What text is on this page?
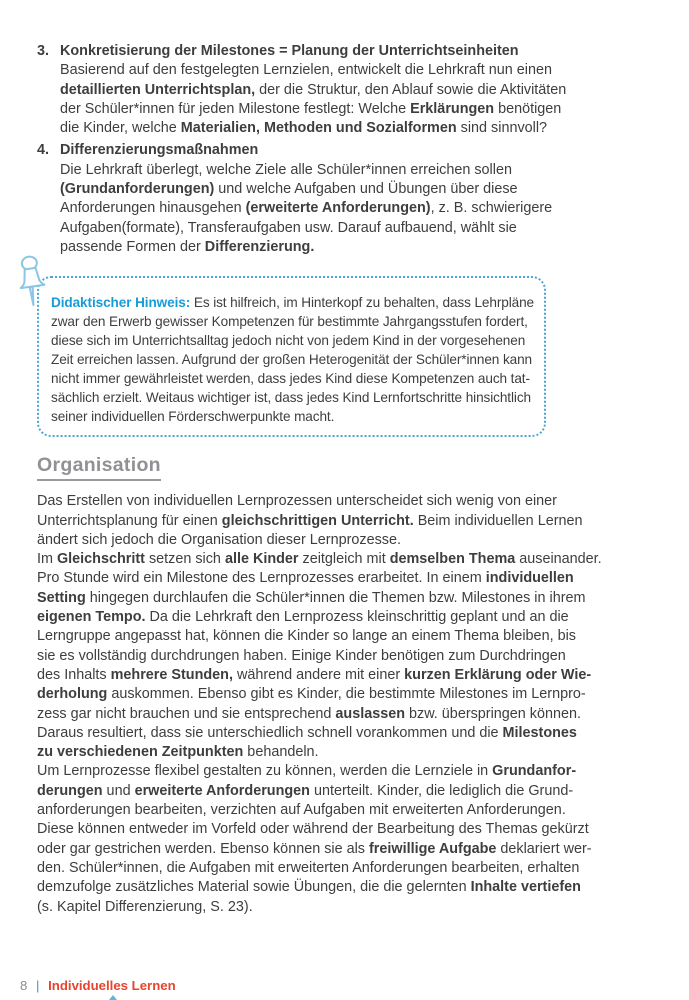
3. Konkretisierung der Milestones = Planung der Unterrichtseinheiten
Basierend auf den festgelegten Lernzielen, entwickelt die Lehrkraft nun einen
detaillierten Unterrichtsplan, der die Struktur, den Ablauf sowie die Aktivitäten
der Schüler*innen für jeden Milestone festlegt: Welche Erklärungen benötigen
die Kinder, welche Materialien, Methoden und Sozialformen sind sinnvoll?
4. Differenzierungsmaßnahmen
Die Lehrkraft überlegt, welche Ziele alle Schüler*innen erreichen sollen
(Grundanforderungen) und welche Aufgaben und Übungen über diese
Anforderungen hinausgehen (erweiterte Anforderungen), z. B. schwierigere
Aufgaben(formate), Transferaufgaben usw. Darauf aufbauend, wählt sie
passende Formen der Differenzierung.
Didaktischer Hinweis: Es ist hilfreich, im Hinterkopf zu behalten, dass Lehrpläne
zwar den Erwerb gewisser Kompetenzen für bestimmte Jahrgangsstufen fordert,
diese sich im Unterrichtsalltag jedoch nicht von jedem Kind in der vorgesehenen
Zeit erreichen lassen. Aufgrund der großen Heterogenität der Schüler*innen kann
nicht immer gewährleistet werden, dass jedes Kind diese Kompetenzen auch tat-
sächlich erzielt. Weitaus wichtiger ist, dass jedes Kind Lernfortschritte hinsichtlich
seiner individuellen Förderschwerpunkte macht.
Organisation
Das Erstellen von individuellen Lernprozessen unterscheidet sich wenig von einer
Unterrichtsplanung für einen gleichschrittigen Unterricht. Beim individuellen Lernen
ändert sich jedoch die Organisation dieser Lernprozesse.
Im Gleichschritt setzen sich alle Kinder zeitgleich mit demselben Thema auseinander.
Pro Stunde wird ein Milestone des Lernprozesses erarbeitet. In einem individuellen
Setting hingegen durchlaufen die Schüler*innen die Themen bzw. Milestones in ihrem
eigenen Tempo. Da die Lehrkraft den Lernprozess kleinschrittig geplant und an die
Lerngruppe angepasst hat, können die Kinder so lange an einem Thema bleiben, bis
sie es vollständig durchdrungen haben. Einige Kinder benötigen zum Durchdringen
des Inhalts mehrere Stunden, während andere mit einer kurzen Erklärung oder Wie-
derholung auskommen. Ebenso gibt es Kinder, die bestimmte Milestones im Lernpro-
zess gar nicht brauchen und sie entsprechend auslassen bzw. überspringen können.
Daraus resultiert, dass sie unterschiedlich schnell vorankommen und die Milestones
zu verschiedenen Zeitpunkten behandeln.
Um Lernprozesse flexibel gestalten zu können, werden die Lernziele in Grundanfor-
derungen und erweiterte Anforderungen unterteilt. Kinder, die lediglich die Grund-
anforderungen bearbeiten, verzichten auf Aufgaben mit erweiterten Anforderungen.
Diese können entweder im Vorfeld oder während der Bearbeitung des Themas gekürzt
oder gar gestrichen werden. Ebenso können sie als freiwillige Aufgabe deklariert wer-
den. Schüler*innen, die Aufgaben mit erweiterten Anforderungen bearbeiten, erhalten
demzufolge zusätzliches Material sowie Übungen, die die gelernten Inhalte vertiefen
(s. Kapitel Differenzierung, S. 23).
8 | Individuelles Lernen
